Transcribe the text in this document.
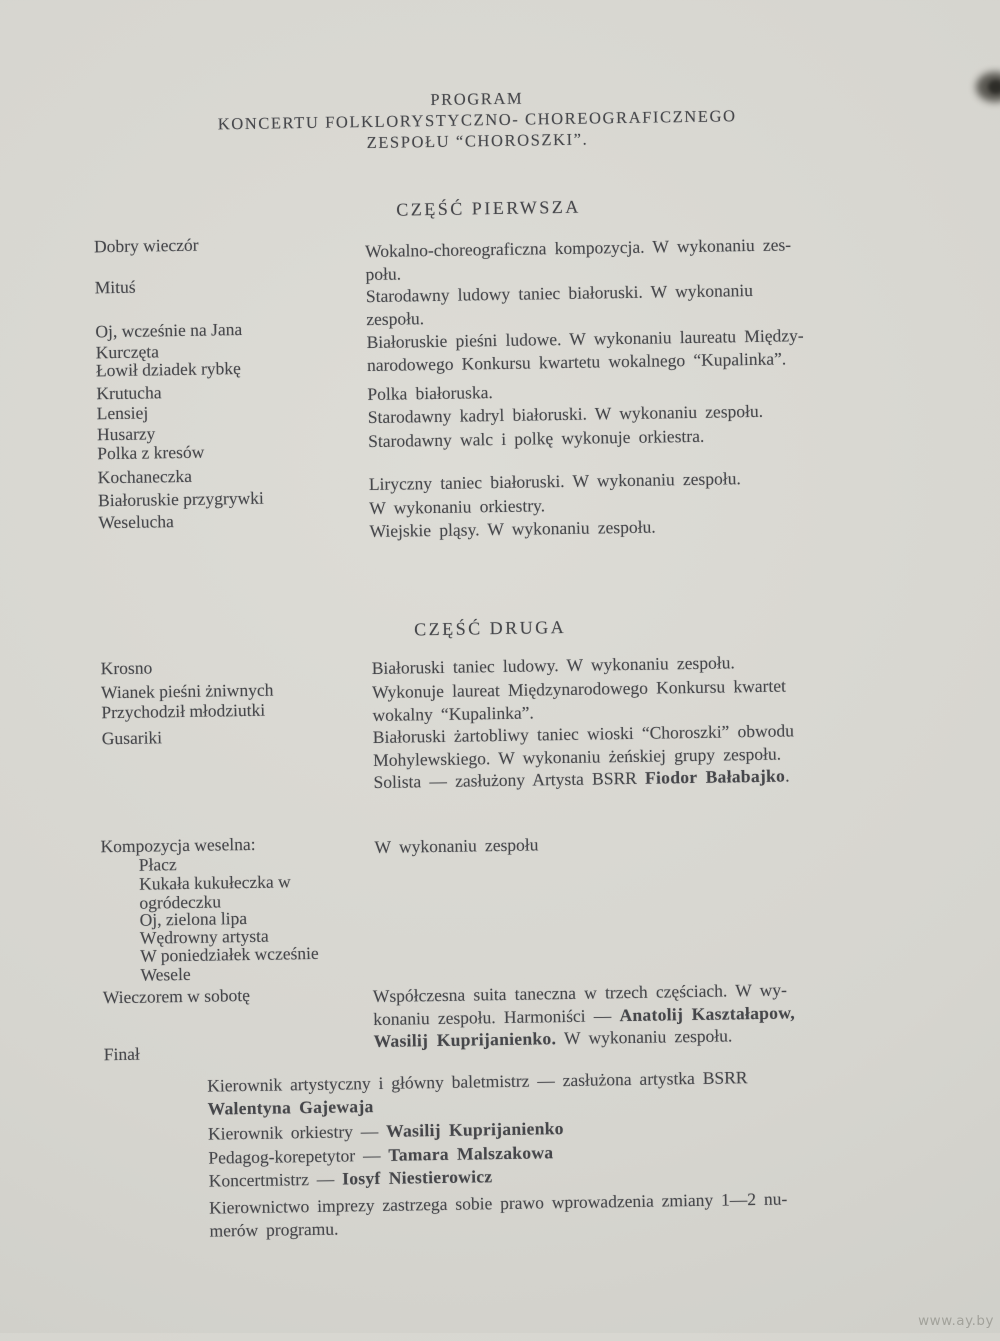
PROGRAM
KONCERTU FOLKLORYSTYCZNO- CHOREOGRAFICZNEGO
ZESPOŁU “CHOROSZKI”.
CZĘŚĆ PIERWSZA
Dobry wieczór
Mituś
Oj, wcześnie na Jana
Kurczęta
Łowił dziadek rybkę
Krutucha
Lensiej
Husarzy
Polka z kresów
Kochaneczka
Białoruskie przygrywki
Weselucha
Wokalno-choreograficzna kompozycja. W wykonaniu zes-
połu.
Starodawny ludowy taniec białoruski. W wykonaniu
zespołu.
Białoruskie pieśni ludowe. W wykonaniu laureatu Między-
narodowego Konkursu kwartetu wokalnego “Kupalinka”.
Polka białoruska.
Starodawny kadryl białoruski. W wykonaniu zespołu.
Starodawny walc i polkę wykonuje orkiestra.
Liryczny taniec białoruski. W wykonaniu zespołu.
W wykonaniu orkiestry.
Wiejskie pląsy. W wykonaniu zespołu.
CZĘŚĆ DRUGA
Krosno
Wianek pieśni żniwnych
Przychodził młodziutki
Gusariki
Białoruski taniec ludowy. W wykonaniu zespołu.
Wykonuje laureat Międzynarodowego Konkursu kwartet
wokalny “Kupalinka”.
Białoruski żartobliwy taniec wioski “Choroszki” obwodu
Mohylewskiego. W wykonaniu żeńskiej grupy zespołu.
Solista — zasłużony Artysta BSRR Fiodor Bałabajko.
Kompozycja weselna:
Płacz
Kukała kukułeczka w
ogródeczku
Oj, zielona lipa
Wędrowny artysta
W poniedziałek wcześnie
Wesele
Wieczorem w sobotę
W wykonaniu zespołu
Współczesna suita taneczna w trzech częściach. W wy-
konaniu zespołu. Harmoniści — Anatolij Kaształapow,
Wasilij Kuprijanienko. W wykonaniu zespołu.
Finał
Kierownik artystyczny i główny baletmistrz — zasłużona artystka BSRR
Walentyna Gajewaja
Kierownik orkiestry — Wasilij Kuprijanienko
Pedagog-korepetytor — Tamara Malszakowa
Koncertmistrz — Iosyf Niestierowicz
Kierownictwo imprezy zastrzega sobie prawo wprowadzenia zmiany 1—2 nu-
merów programu.
www.ay.by
